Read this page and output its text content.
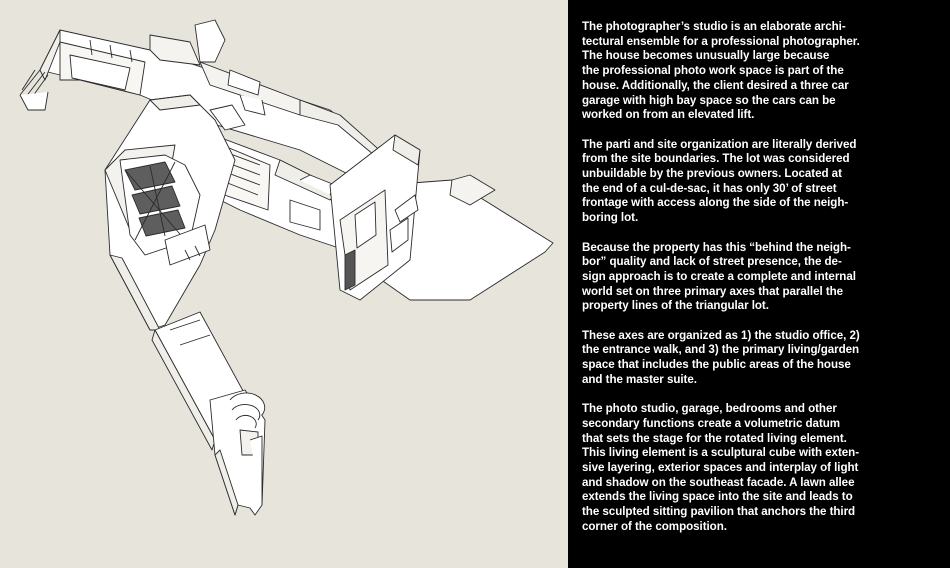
The photographer’s studio is an elaborate archi-
tectural ensemble for a professional photographer.
The house becomes unusually large because
the professional photo work space is part of the
house. Additionally, the client desired a three car
garage with high bay space so the cars can be
worked on from an elevated lift.

The parti and site organization are literally derived
from the site boundaries. The lot was considered
unbuildable by the previous owners. Located at
the end of a cul-de-sac, it has only 30’ of street
frontage with access along the side of the neigh-
boring lot.

Because the property has this “behind the neigh-
bor” quality and lack of street presence, the de-
sign approach is to create a complete and internal
world set on three primary axes that parallel the
property lines of the triangular lot.

These axes are organized as 1) the studio office, 2)
the entrance walk, and 3) the primary living/garden
space that includes the public areas of the house
and the master suite.

The photo studio, garage, bedrooms and other
secondary functions create a volumetric datum
that sets the stage for the rotated living element.
This living element is a sculptural cube with exten-
sive layering, exterior spaces and interplay of light
and shadow on the southeast facade. A lawn allee
extends the living space into the site and leads to
the sculpted sitting pavilion that anchors the third
corner of the composition.
